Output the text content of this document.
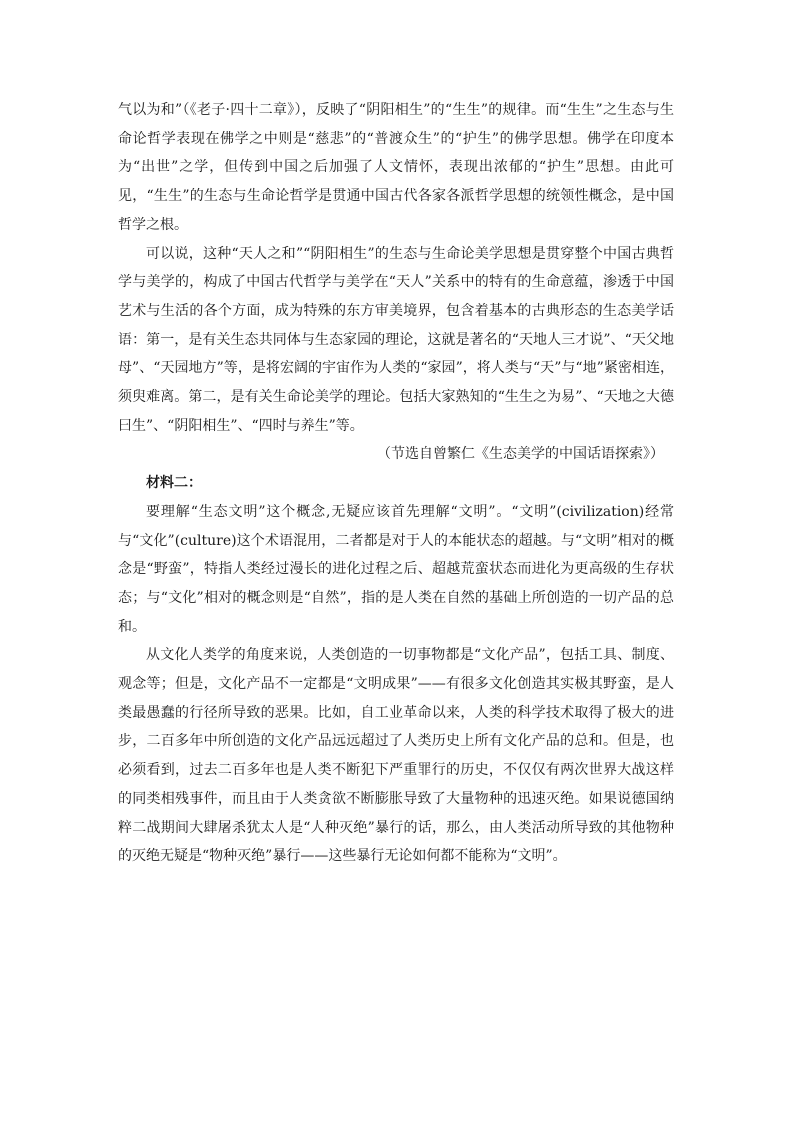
气以为和”（《老子·四十二章》），反映了“阴阳相生”的“生生”的规律。而“生生”之生态与生命论哲学表现在佛学之中则是“慈悲”的“普渡众生”的“护生”的佛学思想。佛学在印度本为“出世”之学，但传到中国之后加强了人文情怀，表现出浓郁的“护生”思想。由此可见，“生生”的生态与生命论哲学是贯通中国古代各家各派哲学思想的统领性概念，是中国哲学之根。

可以说，这种“天人之和”“阴阳相生”的生态与生命论美学思想是贯穿整个中国古典哲学与美学的，构成了中国古代哲学与美学在“天人”关系中的特有的生命意蕴，渗透于中国艺术与生活的各个方面，成为特殊的东方审美境界，包含着基本的古典形态的生态美学话语：第一，是有关生态共同体与生态家园的理论，这就是著名的“天地人三才说”、“天父地母”、“天园地方”等，是将宏阔的宇宙作为人类的“家园”，将人类与“天”与“地”紧密相连，须臾难离。第二，是有关生命论美学的理论。包括大家熟知的“生生之为易”、“天地之大德曰生”、“阴阳相生”、“四时与养生”等。

（节选自曾繁仁《生态美学的中国话语探索》）

材料二：

要理解“生态文明”这个概念,无疑应该首先理解“文明”。“文明”(civilization)经常与“文化”(culture)这个术语混用，二者都是对于人的本能状态的超越。与“文明”相对的概念是“野蛮”，特指人类经过漫长的进化过程之后、超越荒蛮状态而进化为更高级的生存状态；与“文化”相对的概念则是“自然”，指的是人类在自然的基础上所创造的一切产品的总和。

从文化人类学的角度来说，人类创造的一切事物都是“文化产品”，包括工具、制度、观念等；但是，文化产品不一定都是“文明成果”——有很多文化创造其实极其野蛮，是人类最愚蠢的行径所导致的恶果。比如，自工业革命以来，人类的科学技术取得了极大的进步，二百多年中所创造的文化产品远远超过了人类历史上所有文化产品的总和。但是，也必须看到，过去二百多年也是人类不断犯下严重罪行的历史，不仅仅有两次世界大战这样的同类相残事件，而且由于人类贪欲不断膨胀导致了大量物种的迅速灭绝。如果说德国纳粹二战期间大肆屠杀犹太人是“人种灭绝”暴行的话，那么，由人类活动所导致的其他物种的灭绝无疑是“物种灭绝”暴行——这些暴行无论如何都不能称为“文明”。
